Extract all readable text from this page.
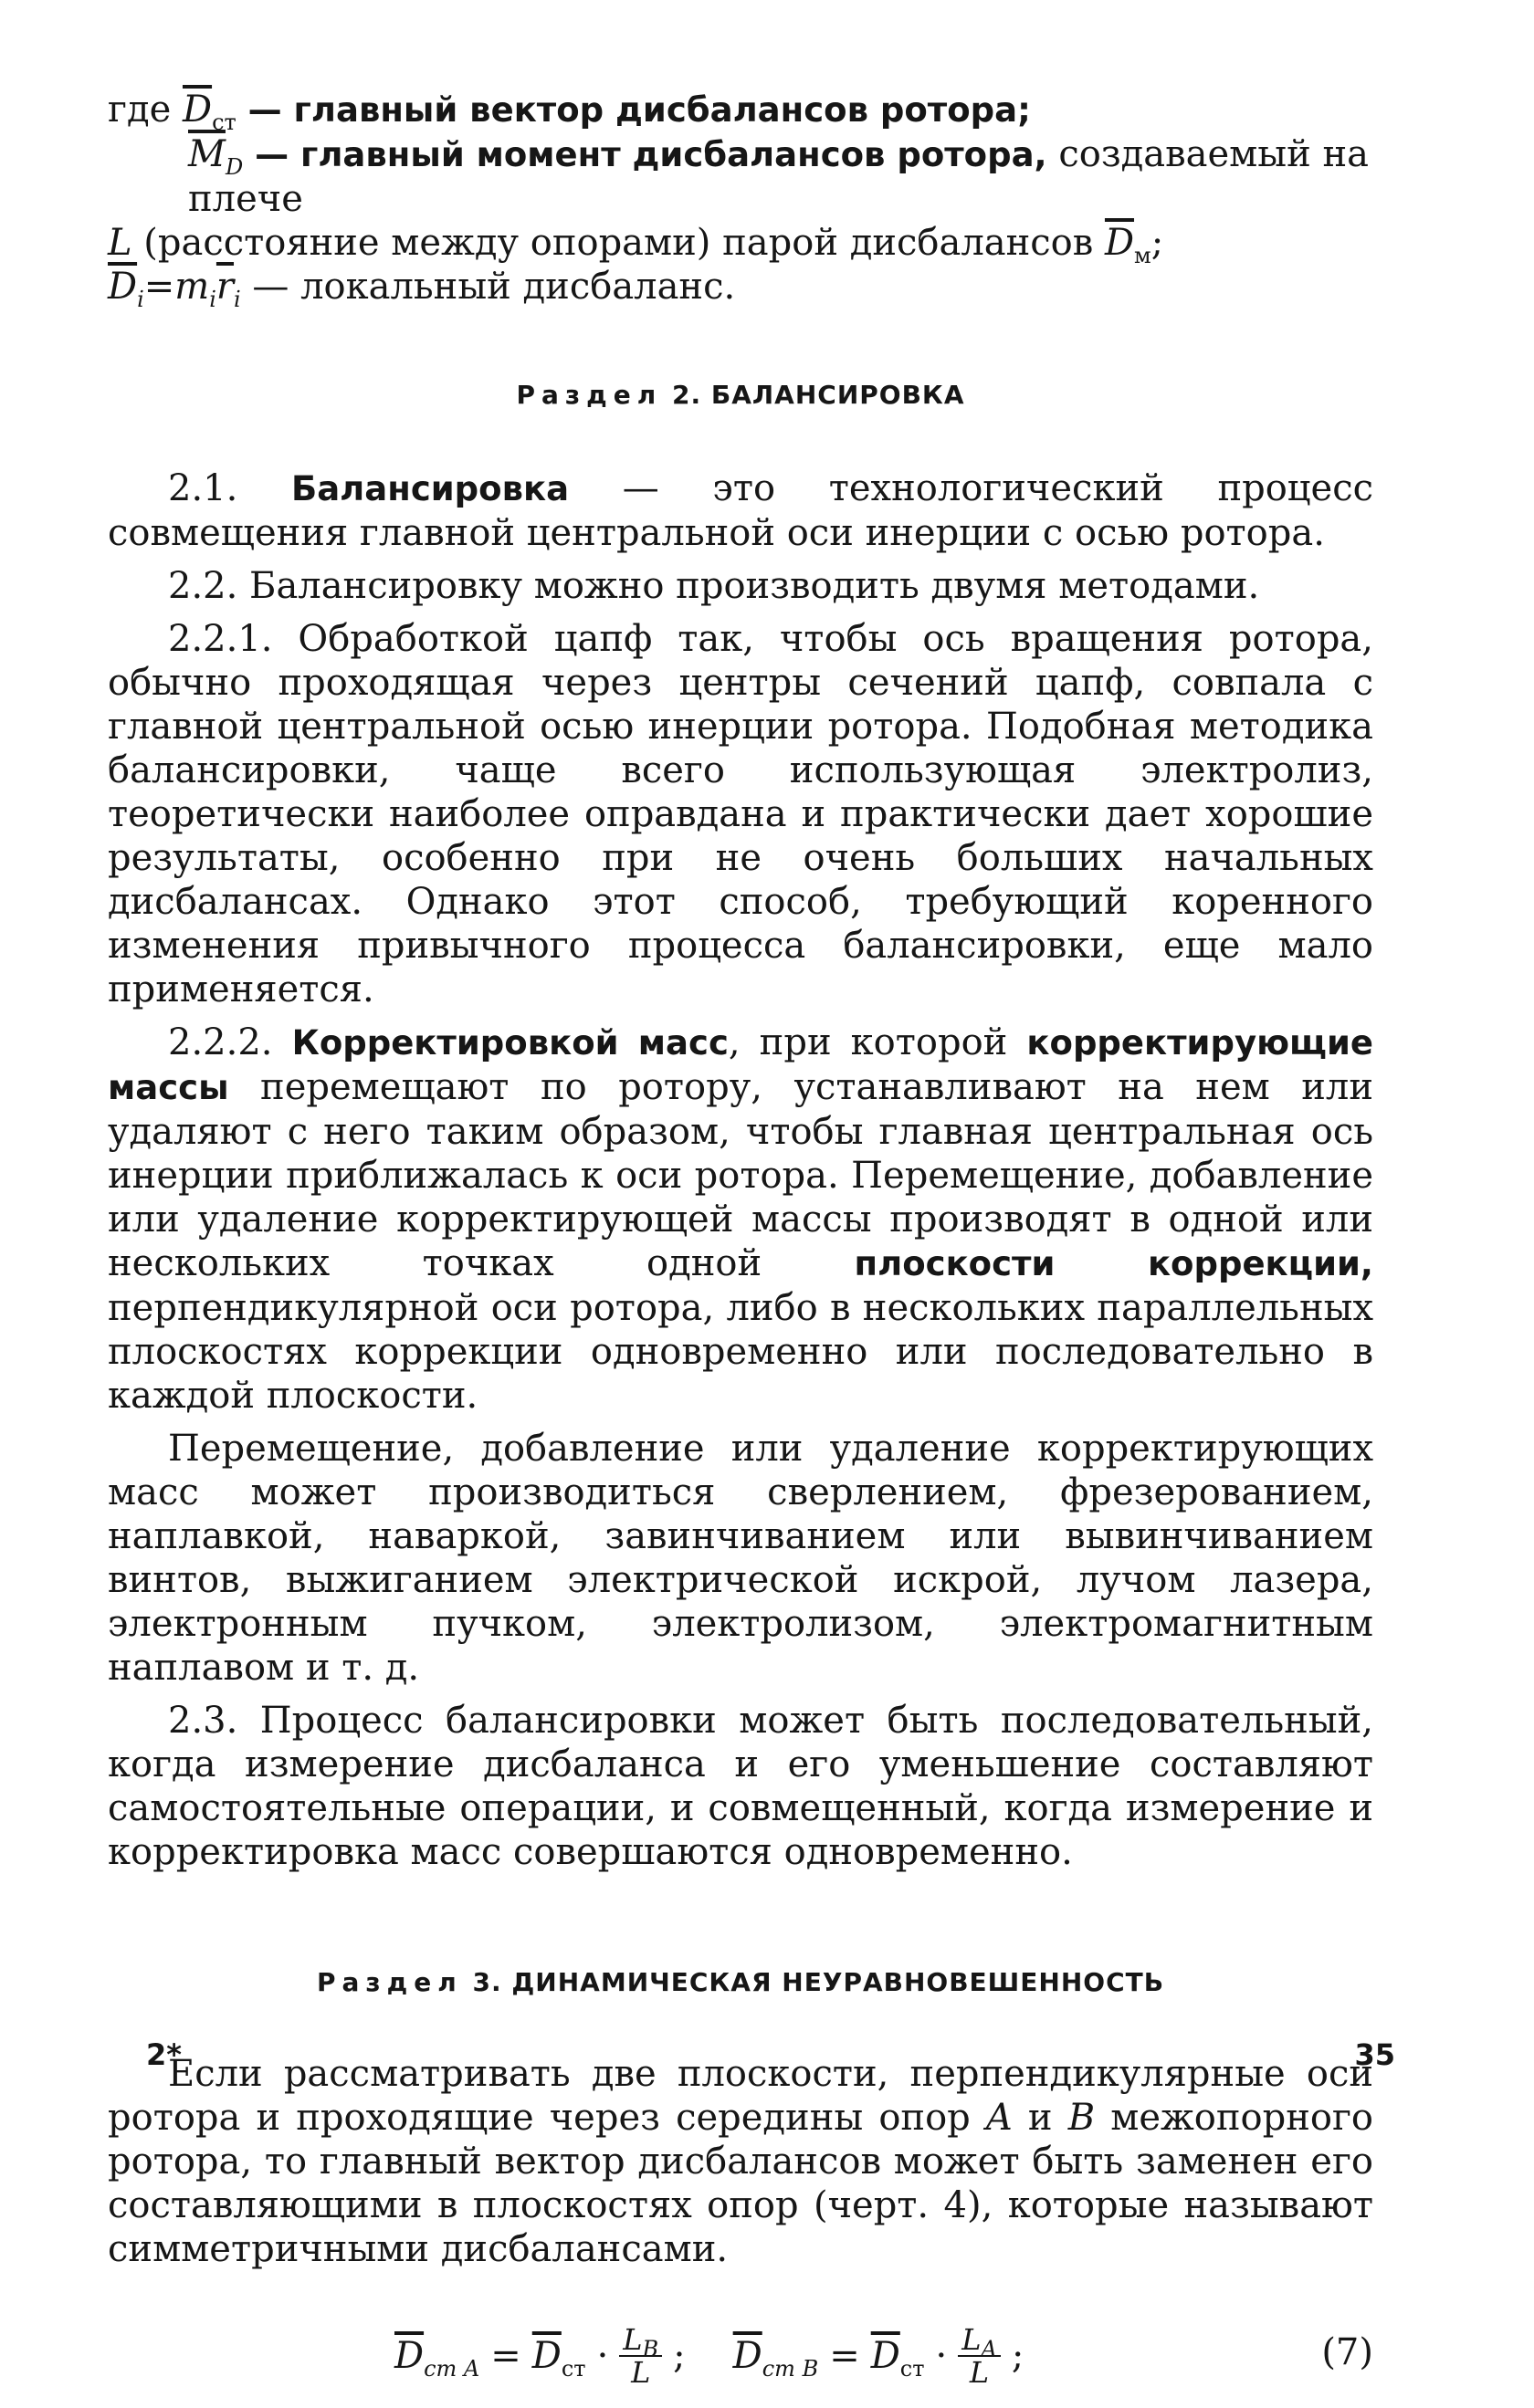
где $\overline{D}_{ст}$ — главный вектор дисбалансов ротора;

$\overline{M}_D$ — главный момент дисбалансов ротора, создаваемый на плече

L (расстояние между опорами) парой дисбалансов $\overline{D}_м$;

$\overline{D}_i=m_i\overline{r}_i$ — локальный дисбаланс.

Раздел 2. БАЛАНСИРОВКА

2.1. Балансировка — это технологический процесс совмещения главной центральной оси инерции с осью ротора.

2.2. Балансировку можно производить двумя методами.

2.2.1. Обработкой цапф так, чтобы ось вращения ротора, обычно проходящая через центры сечений цапф, совпала с главной центральной осью инерции ротора. Подобная методика балансировки, чаще всего использующая электролиз, теоретически наиболее оправдана и практически дает хорошие результаты, особенно при не очень больших начальных дисбалансах. Однако этот способ, требующий коренного изменения привычного процесса балансировки, еще мало применяется.

2.2.2. Корректировкой масс, при которой корректирующие массы перемещают по ротору, устанавливают на нем или удаляют с него таким образом, чтобы главная центральная ось инерции приближалась к оси ротора. Перемещение, добавление или удаление корректирующей массы производят в одной или нескольких точках одной плоскости коррекции, перпендикулярной оси ротора, либо в нескольких параллельных плоскостях коррекции одновременно или последовательно в каждой плоскости.

Перемещение, добавление или удаление корректирующих масс может производиться сверлением, фрезерованием, наплавкой, наваркой, завинчиванием или вывинчиванием винтов, выжиганием электрической искрой, лучом лазера, электронным пучком, электролизом, электромагнитным наплавом и т. д.

2.3. Процесс балансировки может быть последовательный, когда измерение дисбаланса и его уменьшение составляют самостоятельные операции, и совмещенный, когда измерение и корректировка масс совершаются одновременно.

Раздел 3. ДИНАМИЧЕСКАЯ НЕУРАВНОВЕШЕННОСТЬ

Если рассматривать две плоскости, перпендикулярные оси ротора и проходящие через середины опор A и B межопорного ротора, то главный вектор дисбалансов может быть заменен его составляющими в плоскостях опор (черт. 4), которые называют симметричными дисбалансами.

$\overline{D}_{ст A} = \overline{D}_{ст} \cdot \frac{L_B}{L}$ ; $\overline{D}_{ст B} = \overline{D}_{ст} \cdot \frac{L_A}{L}$ ;	(7)
2*	35
